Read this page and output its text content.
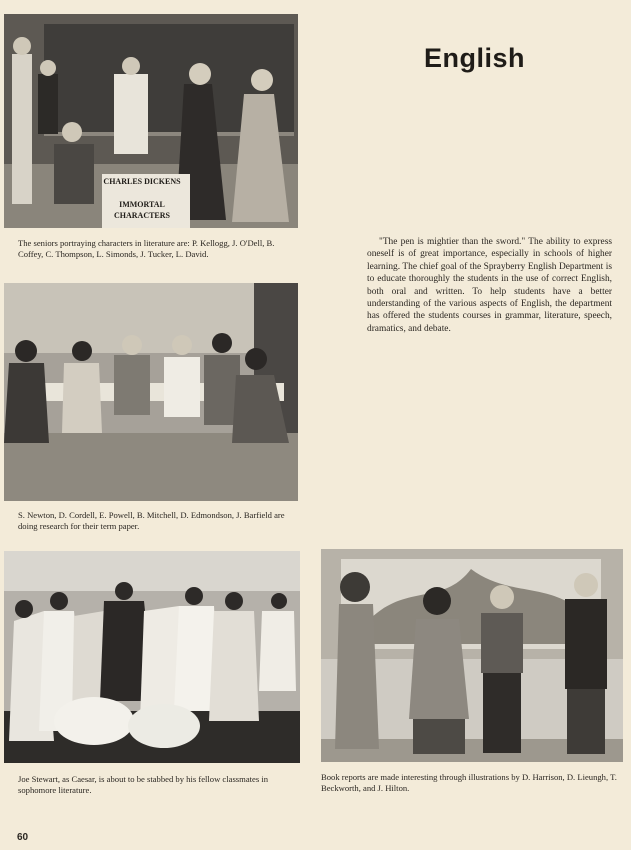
English

"The pen is mightier than the sword." The ability to express oneself is of great importance, especially in schools of higher learning. The chief goal of the Sprayberry English Department is to educate thoroughly the students in the use of correct English, both oral and written. To help students have a better understanding of the various aspects of English, the department has offered the students courses in grammar, literature, speech, dramatics, and debate.

CHARLES DICKENS
IMMORTAL CHARACTERS

The seniors portraying characters in literature are: P. Kellogg, J. O'Dell, B. Coffey, C. Thompson, L. Simonds, J. Tucker, L. David.

S. Newton, D. Cordell, E. Powell, B. Mitchell, D. Edmondson, J. Barfield are doing research for their term paper.

Joe Stewart, as Caesar, is about to be stabbed by his fellow classmates in sophomore literature.

Book reports are made interesting through illustrations by D. Harrison, D. Lieungh, T. Beckworth, and J. Hilton.

60
